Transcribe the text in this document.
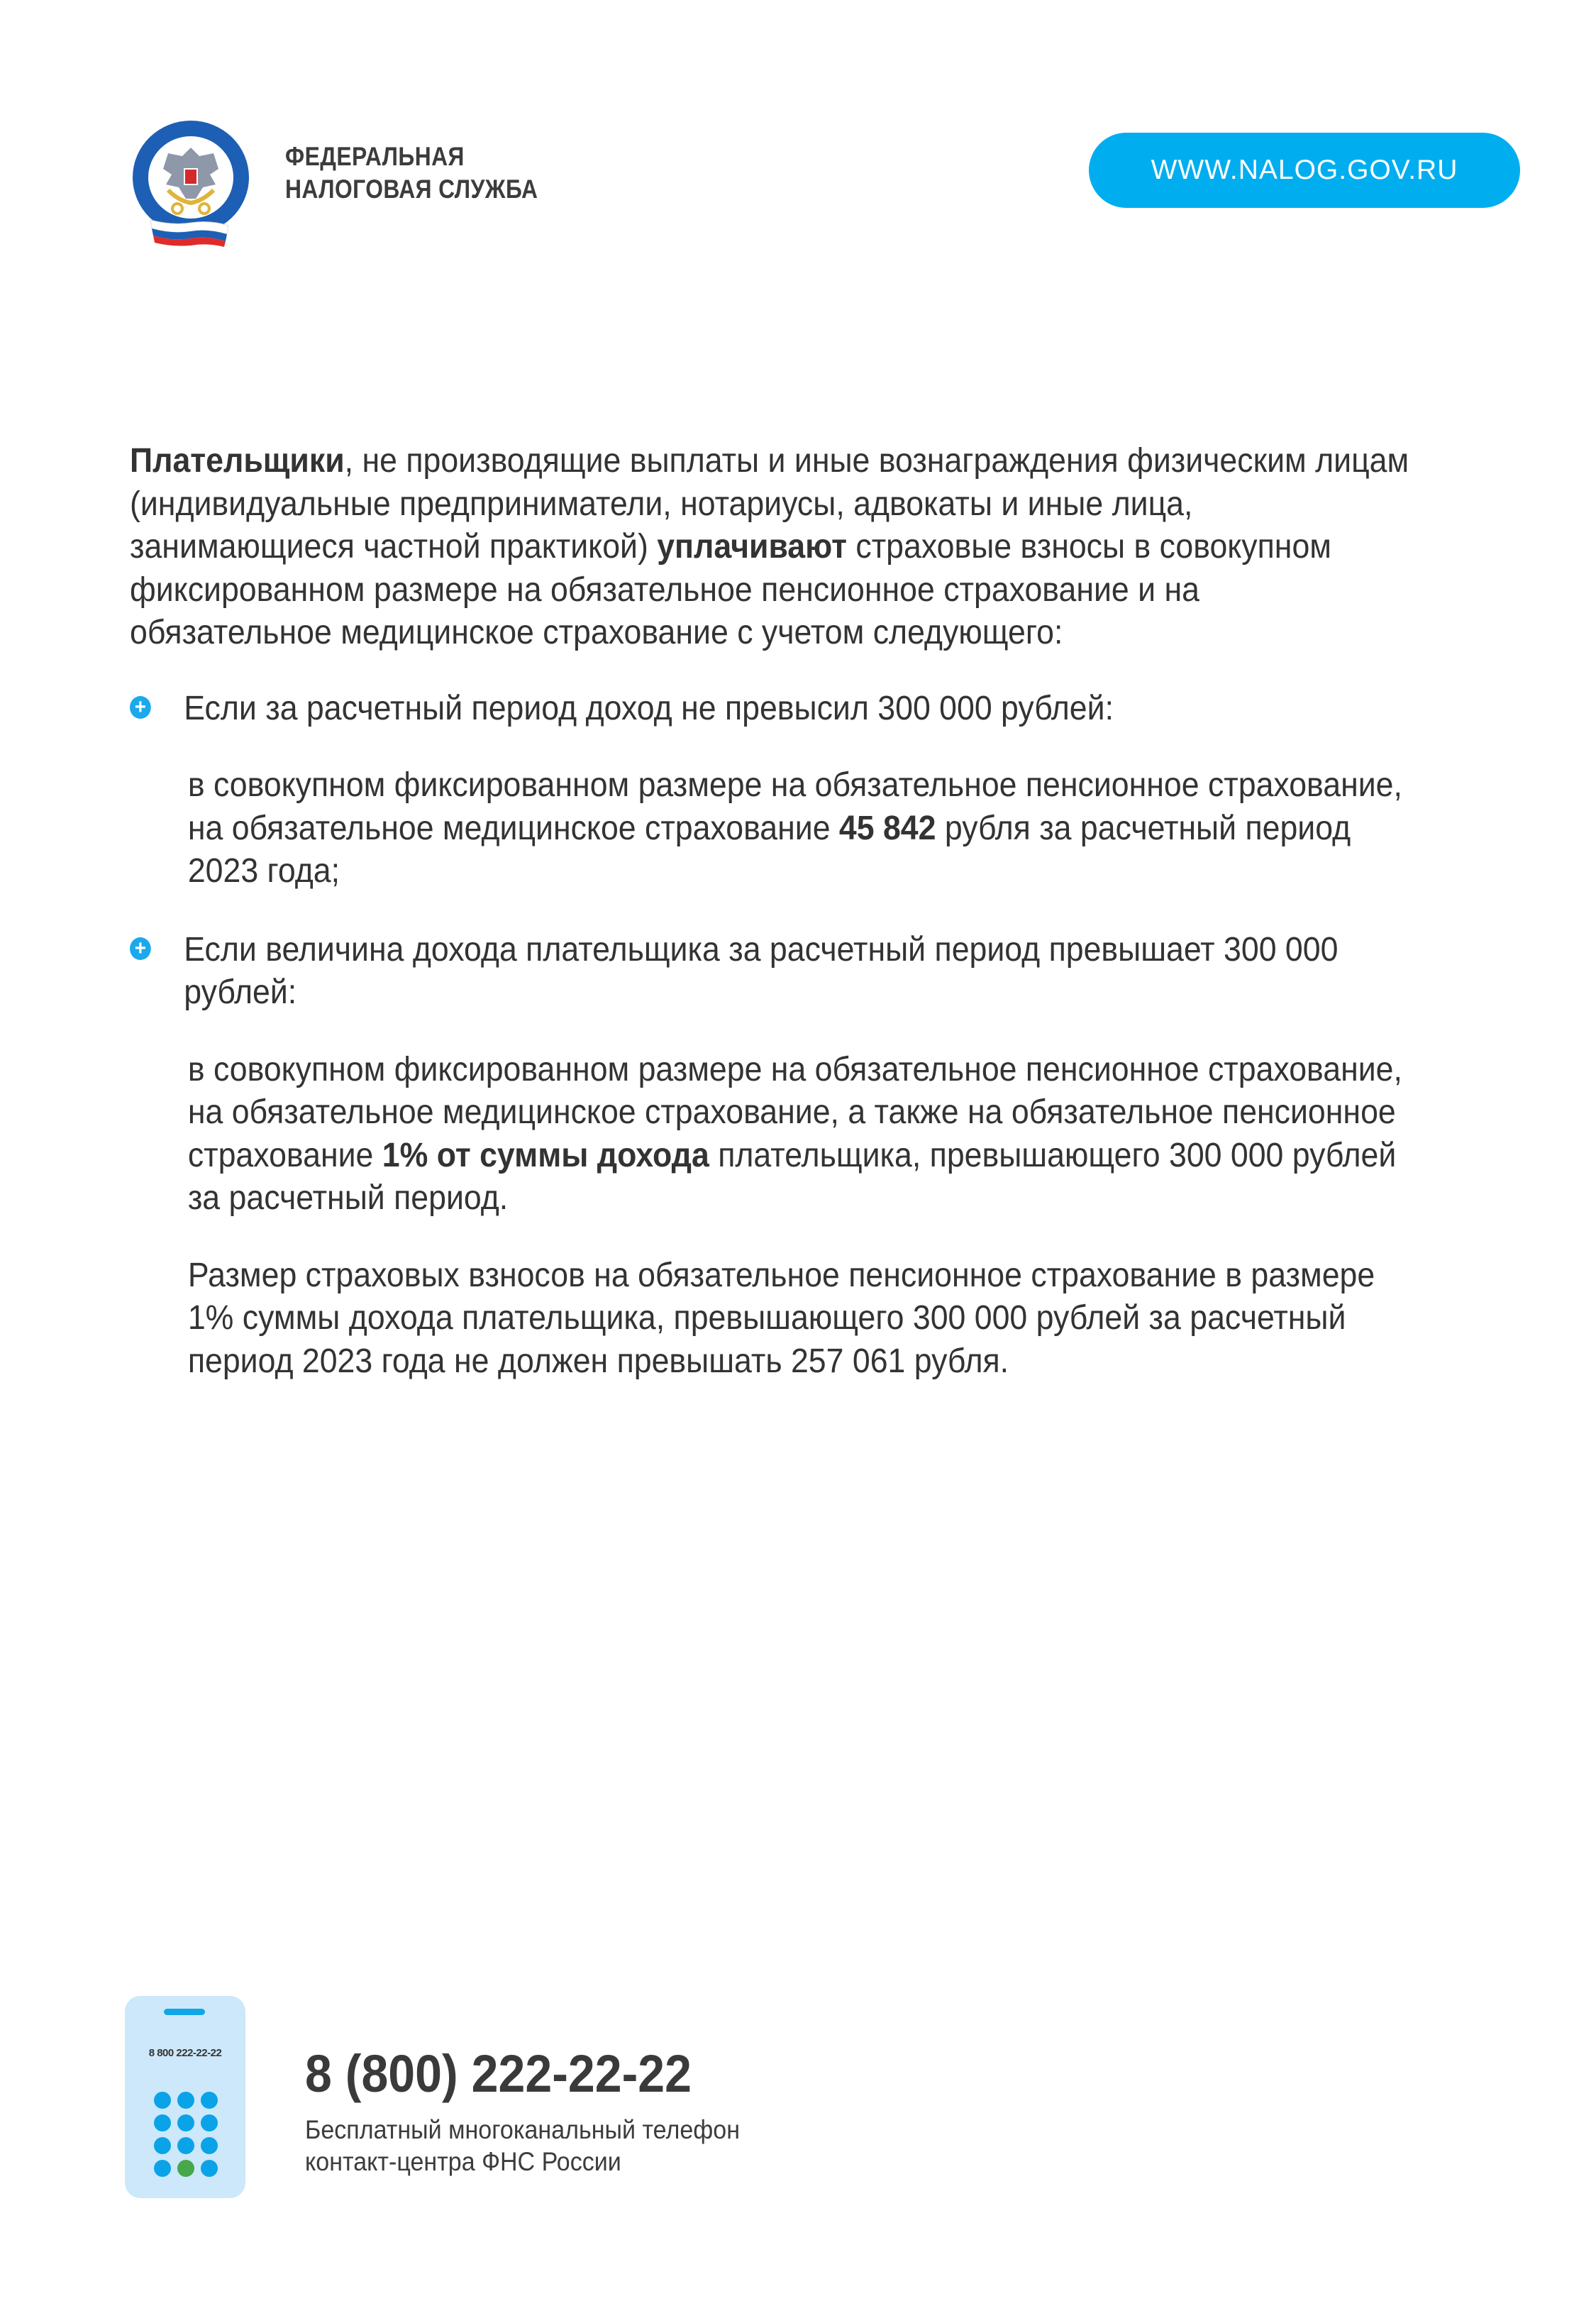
ФЕДЕРАЛЬНАЯ
НАЛОГОВАЯ СЛУЖБА
WWW.NALOG.GOV.RU

Плательщики, не производящие выплаты и иные вознаграждения физическим лицам (индивидуальные предприниматели, нотариусы, адвокаты и иные лица, занимающиеся частной практикой) уплачивают страховые взносы в совокупном фиксированном размере на обязательное пенсионное страхование и на обязательное медицинское страхование с учетом следующего:

+ Если за расчетный период доход не превысил 300 000 рублей:

в совокупном фиксированном размере на обязательное пенсионное страхование, на обязательное медицинское страхование 45 842 рубля за расчетный период 2023 года;

+ Если величина дохода плательщика за расчетный период превышает 300 000 рублей:

в совокупном фиксированном размере на обязательное пенсионное страхование, на обязательное медицинское страхование, а также на обязательное пенсионное страхование 1% от суммы дохода плательщика, превышающего 300 000 рублей за расчетный период.

Размер страховых взносов на обязательное пенсионное страхование в размере 1% суммы дохода плательщика, превышающего 300 000 рублей за расчетный период 2023 года не должен превышать 257 061 рубля.

8 800 222-22-22	8 (800) 222-22-22
Бесплатный многоканальный телефон
контакт-центра ФНС России
